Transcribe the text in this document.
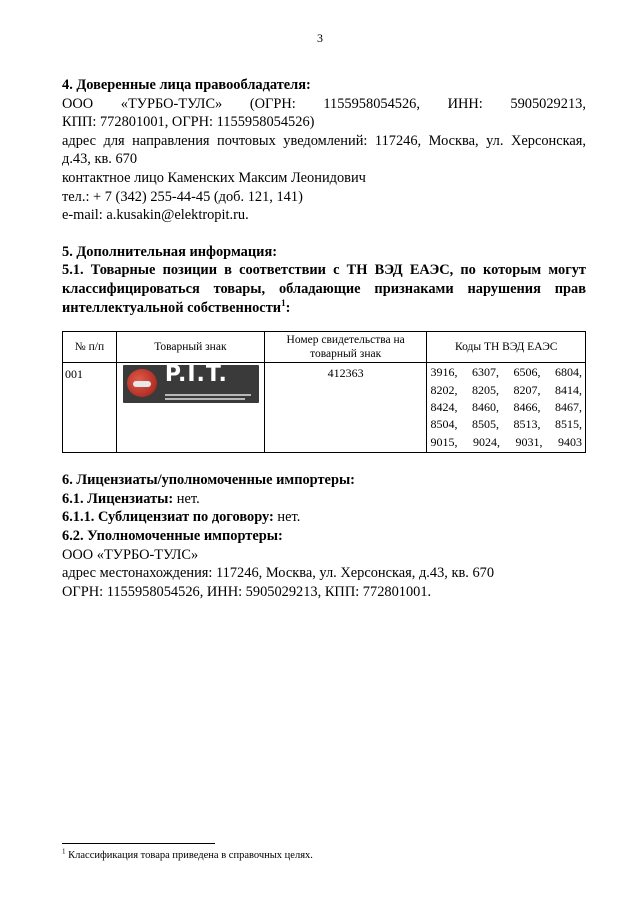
3

4. Доверенные лица правообладателя:

ООО «ТУРБО-ТУЛС» (ОГРН: 1155958054526, ИНН: 5905029213,

КПП: 772801001, ОГРН: 1155958054526)

адрес для направления почтовых уведомлений: 117246, Москва, ул. Херсонская,

д.43, кв. 670

контактное лицо Каменских Максим Леонидович

тел.: + 7 (342) 255-44-45 (доб. 121, 141)

e-mail: a.kusakin@elektropit.ru.

5. Дополнительная информация:

5.1. Товарные позиции в соответствии с ТН ВЭД ЕАЭС, по которым могут

классифицироваться товары, обладающие признаками нарушения прав

интеллектуальной собственности$^1$:

№ п/п	Товарный знак	Номер свидетельства на товарный знак	Коды ТН ВЭД ЕАЭС
001	P.I.T.	412363	3916, 6307, 6506, 6804,
8202, 8205, 8207, 8414,
8424, 8460, 8466, 8467,
8504, 8505, 8513, 8515,
9015, 9024, 9031, 9403

6. Лицензиаты/уполномоченные импортеры:

6.1. Лицензиаты: нет.

6.1.1. Сублицензиат по договору: нет.

6.2. Уполномоченные импортеры:

ООО «ТУРБО-ТУЛС»

адрес местонахождения: 117246, Москва, ул. Херсонская, д.43, кв. 670

ОГРН: 1155958054526, ИНН: 5905029213, КПП: 772801001.

$^1$ Классификация товара приведена в справочных целях.
